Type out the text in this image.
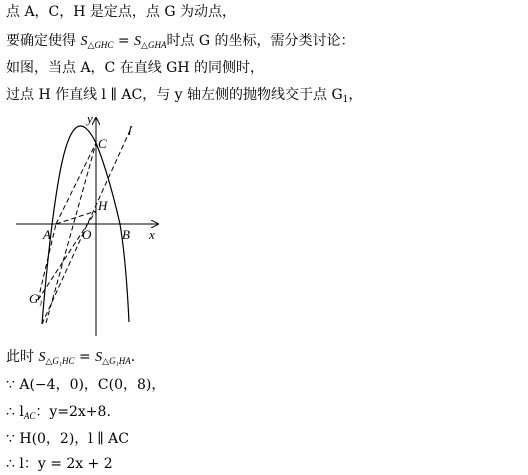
点 A，C，H 是定点，点 G 为动点，
要确定使得 $S_{\triangle GHC} = S_{\triangle GHA}$时点 G 的坐标，需分类讨论：
如图，当点 A，C 在直线 GH 的同侧时，
过点 H 作直线 l ∥ AC，与 y 轴左侧的抛物线交于点 $G_1$，
y
l
C
H
A O B x
G₁
此时 $S_{\triangle G_1HC} = S_{\triangle G_1HA}$.
∵ A(−4，0)，C(0，8)，
∴ $l_{AC}$：y=2x+8.
∵ H(0，2)，l ∥ AC
∴ l：y = 2x + 2
